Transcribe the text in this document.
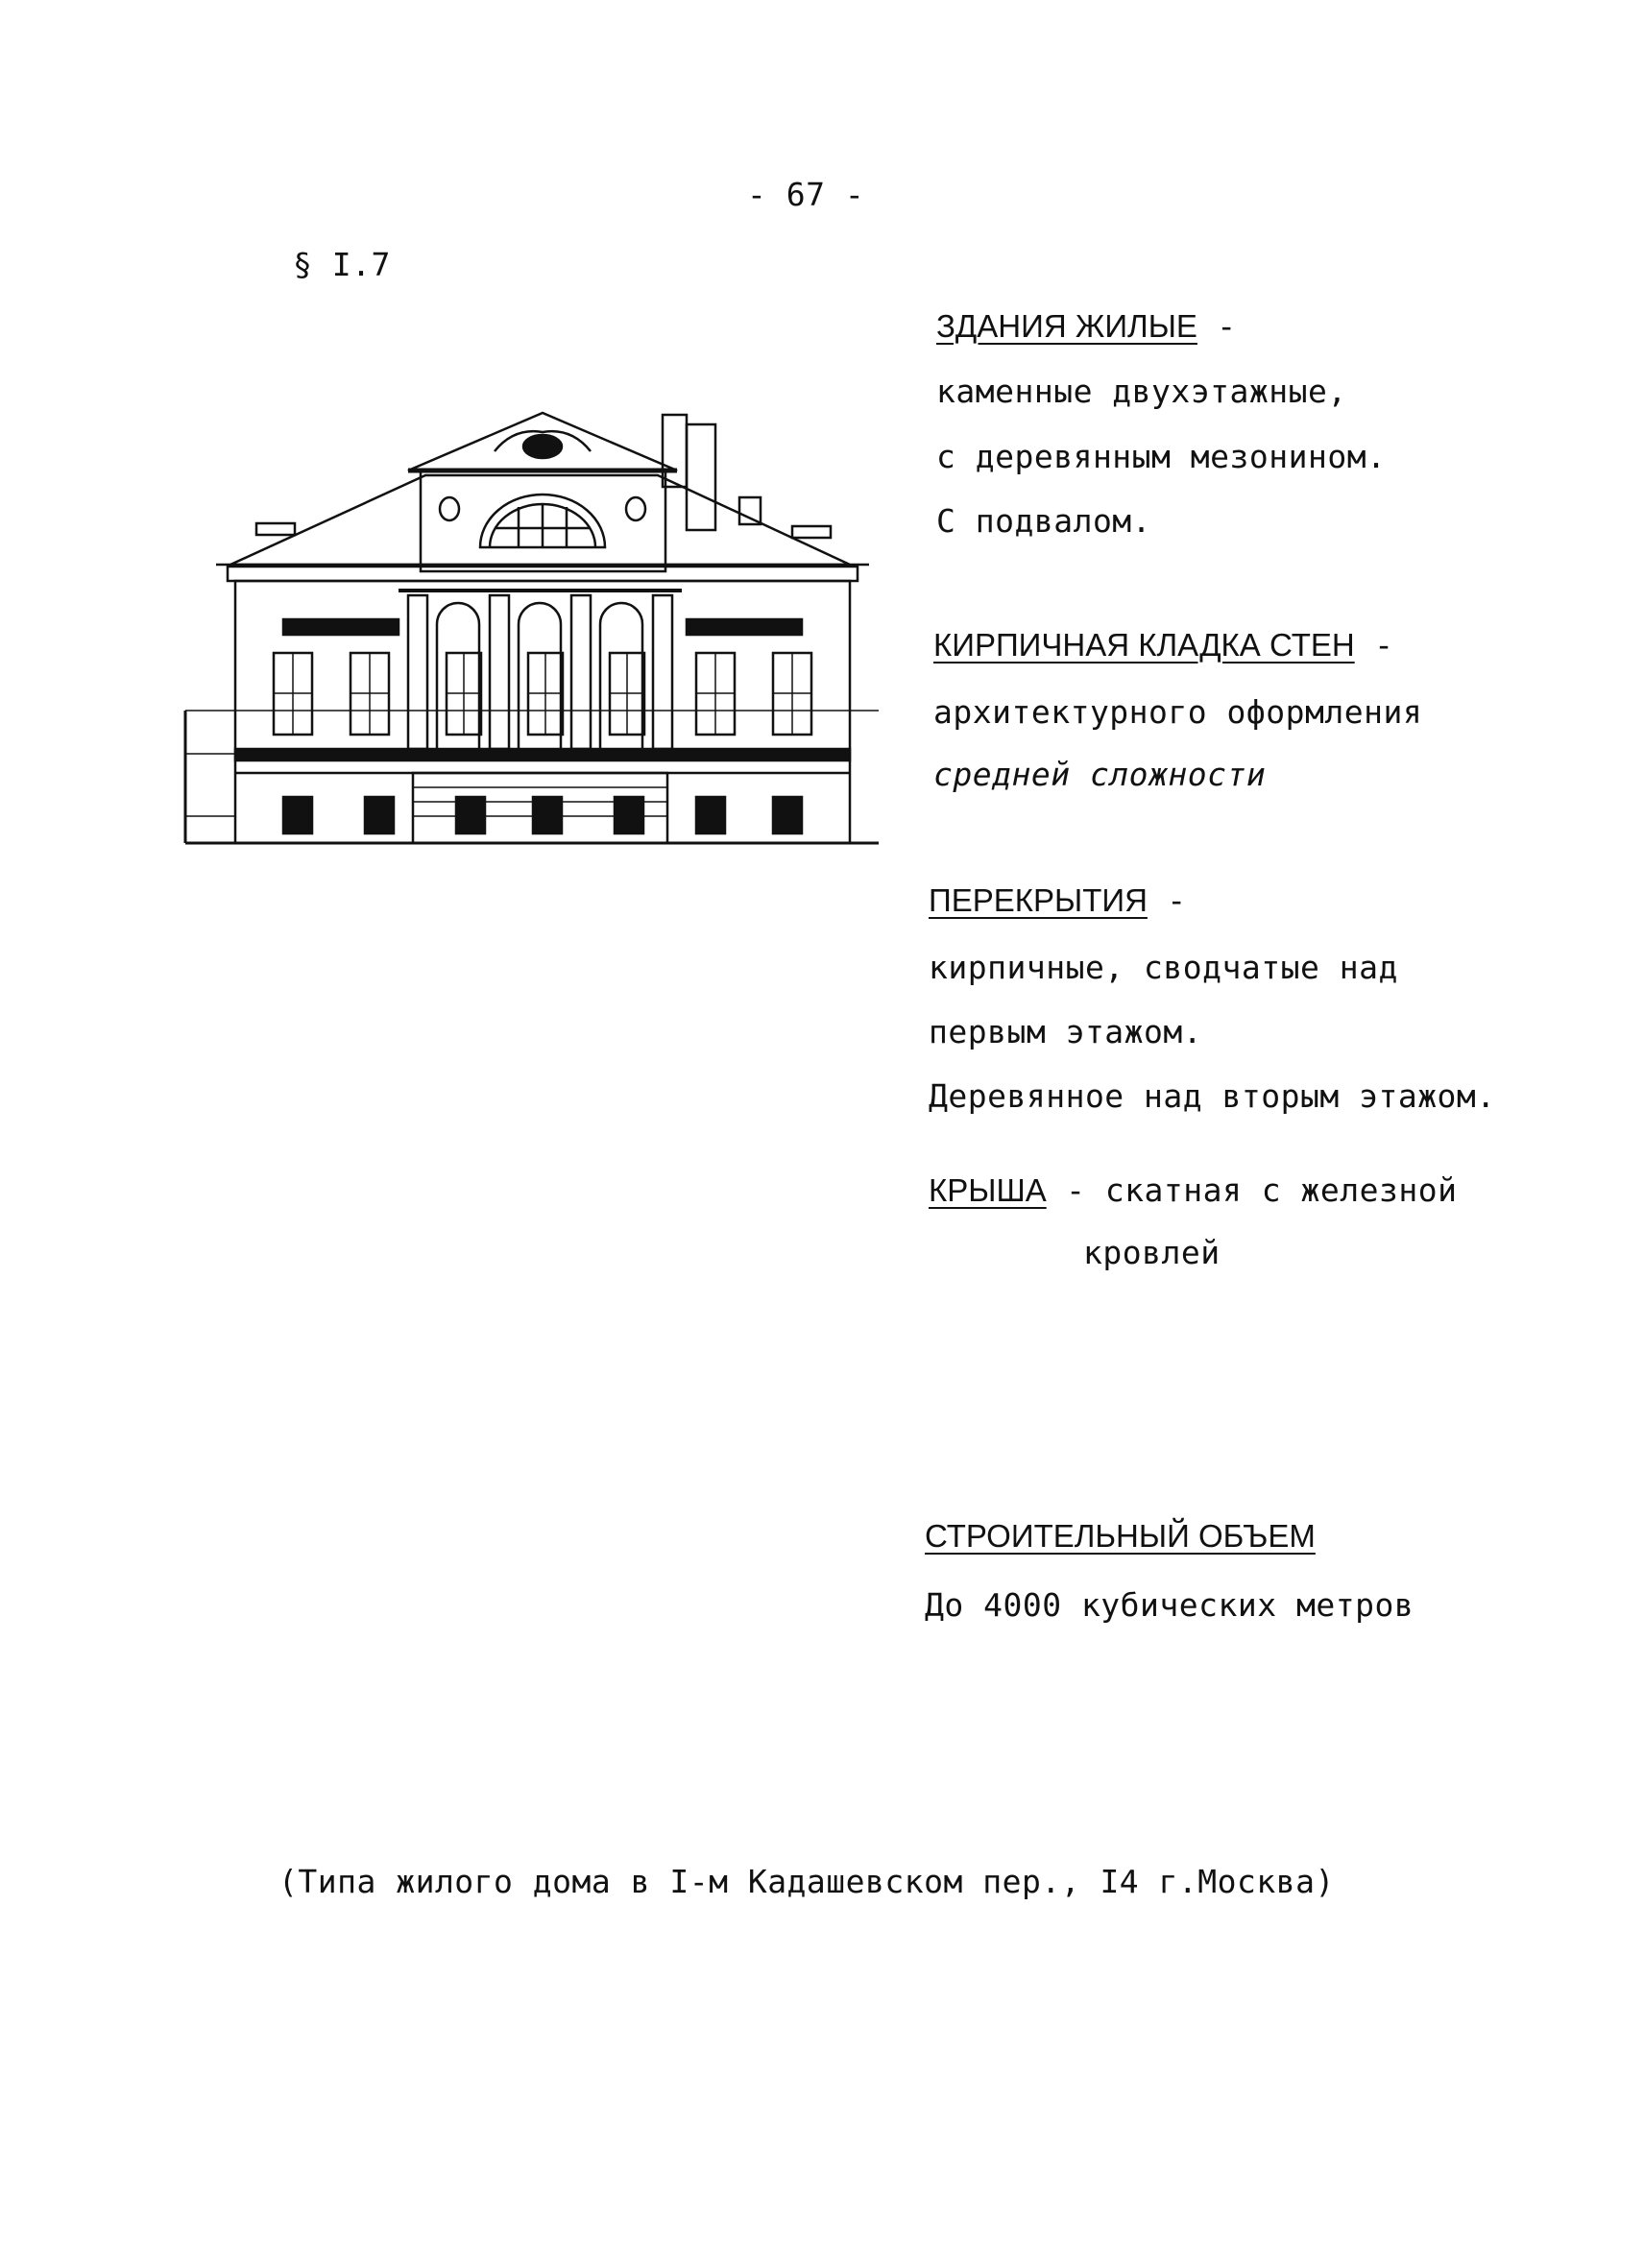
- 67 -
§ I.7
ЗДАНИЯ ЖИЛЫЕ -
каменные двухэтажные,
с деревянным мезонином.
С подвалом.
КИРПИЧНАЯ КЛАДКА СТЕН -
архитектурного оформления
средней сложности
ПЕРЕКРЫТИЯ -
кирпичные, сводчатые над
первым этажом.
Деревянное над вторым этажом.
КРЫША - скатная с железной
кровлей
СТРОИТЕЛЬНЫЙ ОБЪЕМ
До 4000 кубических метров
(Типа жилого дома в I-м Кадашевском пер., I4 г.Москва)
